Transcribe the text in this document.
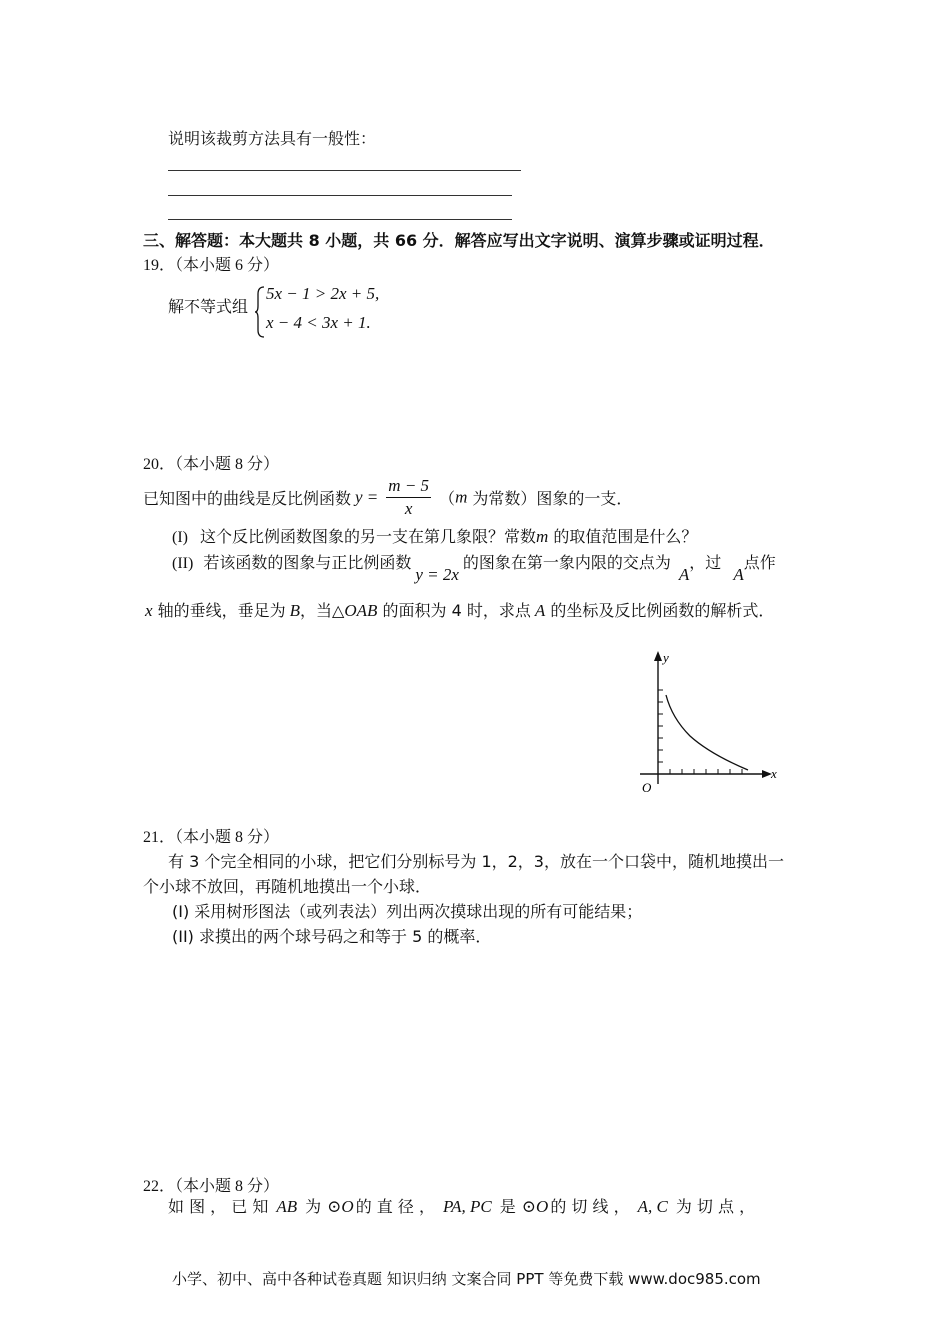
说明该裁剪方法具有一般性：
三、解答题：本大题共 8 小题，共 66 分．解答应写出文字说明、演算步骤或证明过程．
19．（本小题 6 分）
解不等式组
5x − 1 > 2x + 5,
x − 4 < 3x + 1.
20．（本小题 8 分）
已知图中的曲线是反比例函数 $y = \frac{m - 5}{x} (m$ 为常数）图象的一支．
(I) 这个反比例函数图象的另一支在第几象限？常数m 的取值范围是什么？
(II) 若该函数的图象与正比例函数 y = 2x 的图象在第一象内限的交点为 A，过 A点作
x 轴的垂线，垂足为 B，当△OAB 的面积为 4 时，求点 A 的坐标及反比例函数的解析式．
y
x
O
21．（本小题 8 分）
有 3 个完全相同的小球，把它们分别标号为 1，2，3，放在一个口袋中，随机地摸出一
个小球不放回，再随机地摸出一个小球．
(I) 采用树形图法（或列表法）列出两次摸球出现的所有可能结果；
(II) 求摸出的两个球号码之和等于 5 的概率．
22．（本小题 8 分）
如 图 ， 已 知 AB 为 ⊙O 的 直 径 ， PA, PC 是 ⊙O 的 切 线 ， A, C 为 切 点 ，
小学、初中、高中各种试卷真题 知识归纳 文案合同 PPT 等免费下载 www.doc985.com
